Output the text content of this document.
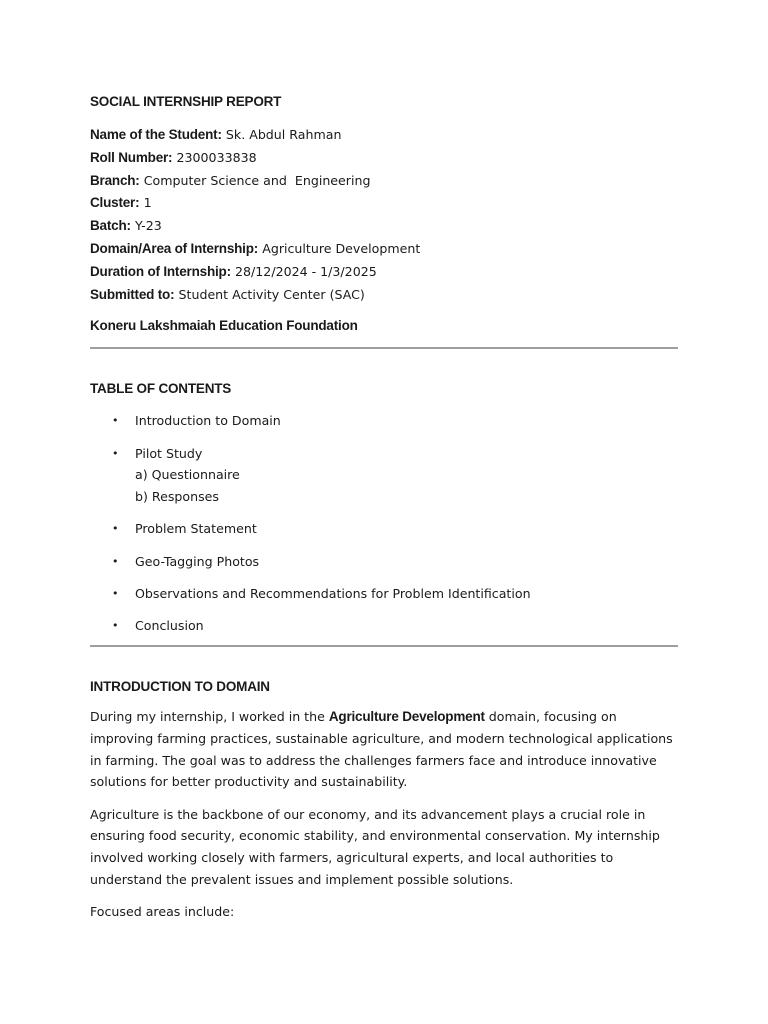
SOCIAL INTERNSHIP REPORT
Name of the Student: Sk. Abdul Rahman
Roll Number: 2300033838
Branch: Computer Science and  Engineering
Cluster: 1
Batch: Y-23
Domain/Area of Internship: Agriculture Development
Duration of Internship: 28/12/2024 - 1/3/2025
Submitted to: Student Activity Center (SAC)
Koneru Lakshmaiah Education Foundation
TABLE OF CONTENTS
• Introduction to Domain
• Pilot Study
a) Questionnaire
b) Responses
• Problem Statement
• Geo-Tagging Photos
• Observations and Recommendations for Problem Identification
• Conclusion
INTRODUCTION TO DOMAIN

During my internship, I worked in the Agriculture Development domain, focusing on improving farming practices, sustainable agriculture, and modern technological applications in farming. The goal was to address the challenges farmers face and introduce innovative solutions for better productivity and sustainability.

Agriculture is the backbone of our economy, and its advancement plays a crucial role in ensuring food security, economic stability, and environmental conservation. My internship involved working closely with farmers, agricultural experts, and local authorities to understand the prevalent issues and implement possible solutions.

Focused areas include:
